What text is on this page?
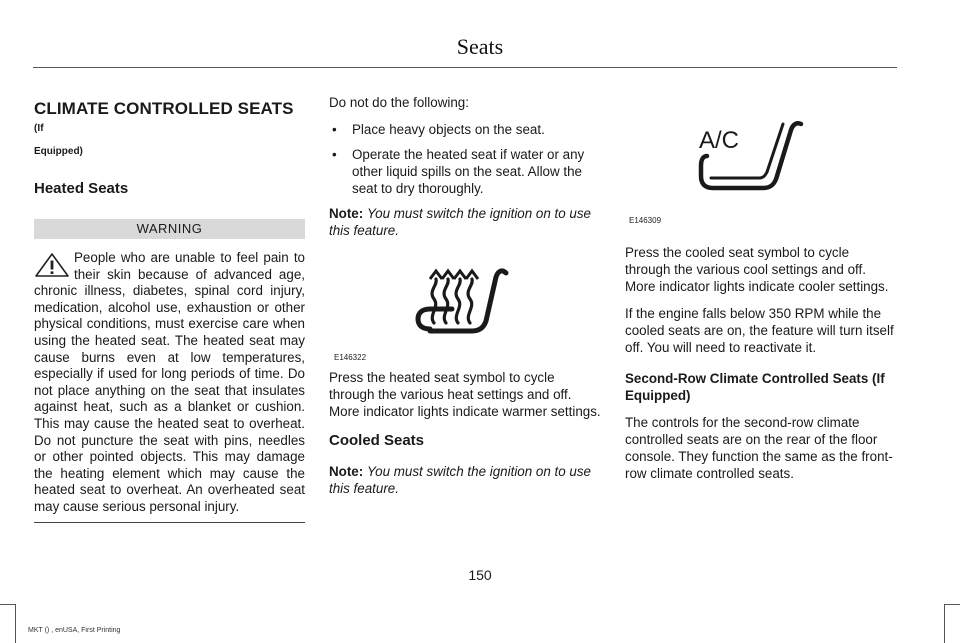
Seats
CLIMATE CONTROLLED SEATS (If
Equipped)
Heated Seats
WARNING
People who are unable to feel pain to their skin because of advanced age, chronic illness, diabetes, spinal cord injury, medication, alcohol use, exhaustion or other physical conditions, must exercise care when using the heated seat. The heated seat may cause burns even at low temperatures, especially if used for long periods of time. Do not place anything on the seat that insulates against heat, such as a blanket or cushion. This may cause the heated seat to overheat. Do not puncture the seat with pins, needles or other pointed objects. This may damage the heating element which may cause the heated seat to overheat. An overheated seat may cause serious personal injury.

Do not do the following:

• Place heavy objects on the seat.
• Operate the heated seat if water or any other liquid spills on the seat. Allow the seat to dry thoroughly.

Note: You must switch the ignition on to use this feature.

E146322

Press the heated seat symbol to cycle through the various heat settings and off. More indicator lights indicate warmer settings.

Cooled Seats

Note: You must switch the ignition on to use this feature.

A/C
E146309

Press the cooled seat symbol to cycle through the various cool settings and off. More indicator lights indicate cooler settings.

If the engine falls below 350 RPM while the cooled seats are on, the feature will turn itself off. You will need to reactivate it.

Second-Row Climate Controlled Seats (If Equipped)

The controls for the second-row climate controlled seats are on the rear of the floor console. They function the same as the front-row climate controlled seats.

150
MKT () , enUSA, First Printing
